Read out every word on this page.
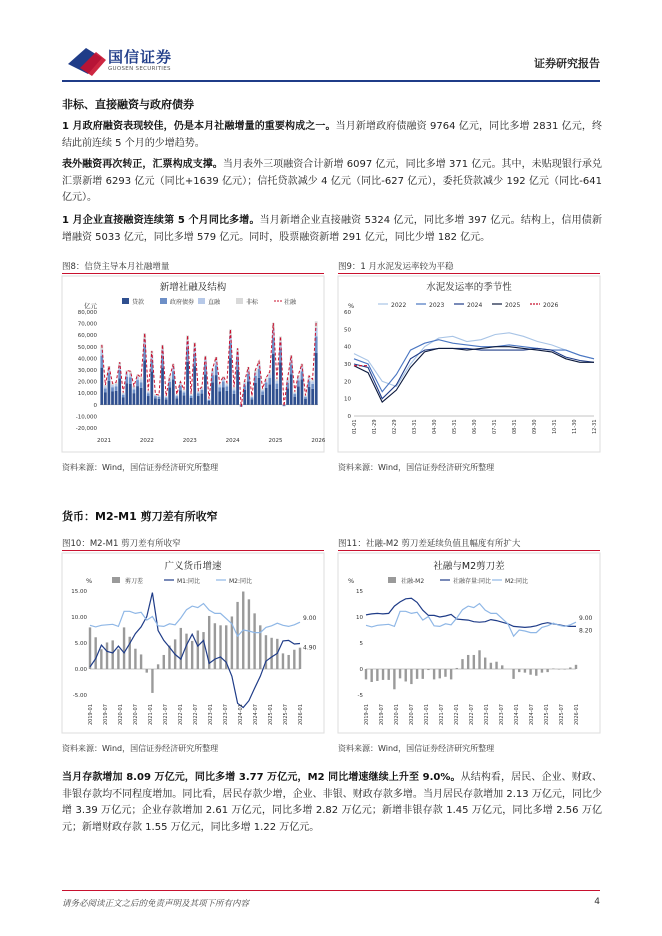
国信证券
GUOSEN SECURITIES	证券研究报告
非标、直接融资与政府债券
1 月政府融资表现较佳，仍是本月社融增量的重要构成之一。当月新增政府债融资 9764 亿元，同比多增 2831 亿元，终结此前连续 5 个月的少增趋势。
表外融资再次转正，汇票构成支撑。当月表外三项融资合计新增 6097 亿元，同比多增 371 亿元。其中，未贴现银行承兑汇票新增 6293 亿元（同比+1639 亿元）；信托贷款减少 4 亿元（同比-627 亿元），委托贷款减少 192 亿元（同比-641 亿元）。
1 月企业直接融资连续第 5 个月同比多增。当月新增企业直接融资 5324 亿元，同比多增 397 亿元。结构上，信用债新增融资 5033 亿元，同比多增 579 亿元。同时，股票融资新增 291 亿元，同比少增 182 亿元。
图8：信贷主导本月社融增量
新增社融及结构
贷款	政府债券 直融	非标	社融
亿元
80,000
70,000
60,000
50,000
40,000
30,000
20,000
10,000
0
-10,000
-20,000
2021	2022	2023	2024	2025	2026
资料来源：Wind，国信证券经济研究所整理
图9：1 月水泥发运率较为平稳
水泥发运率的季节性
2022	2023	2024	2025	2026
%
0
10
20
30
40
50
60
01-01	01-29	02-29	03-31	04-30	05-31	06-30	07-31	08-31	09-30	10-31	11-30	12-31
资料来源：Wind，国信证券经济研究所整理
货币：M2-M1 剪刀差有所收窄
图10：M2-M1 剪刀差有所收窄
广义货币增速
剪刀差	M1:同比	M2:同比
%
15.00
10.00
5.00
0.00
-5.00
9.00
4.90
2019-01 2019-07 2020-01 2020-07 2021-01 2021-07 2022-01 2022-07 2023-01 2023-07 2024-01 2024-07 2025-01 2025-07 2026-01
资料来源：Wind，国信证券经济研究所整理
图11：社融-M2 剪刀差延续负值且幅度有所扩大
社融与M2剪刀差
社融-M2	社融存量:同比 M2:同比
%
15
10
5
0
-5
9.00
8.20
2019-01 2019-07 2020-01 2020-07 2021-01 2021-07 2022-01 2022-07 2023-01 2023-07 2024-01 2024-07 2025-01 2025-07 2026-01
资料来源：Wind，国信证券经济研究所整理
当月存款增加 8.09 万亿元，同比多增 3.77 万亿元，M2 同比增速继续上升至 9.0%。从结构看，居民、企业、财政、非银存款均不同程度增加。同比看，居民存款少增，企业、非银、财政存款多增。当月居民存款增加 2.13 万亿元，同比少增 3.39 万亿元；企业存款增加 2.61 万亿元，同比多增 2.82 万亿元；新增非银存款 1.45 万亿元，同比多增 2.56 万亿元；新增财政存款 1.55 万亿元，同比多增 1.22 万亿元。
请务必阅读正文之后的免责声明及其项下所有内容	4
